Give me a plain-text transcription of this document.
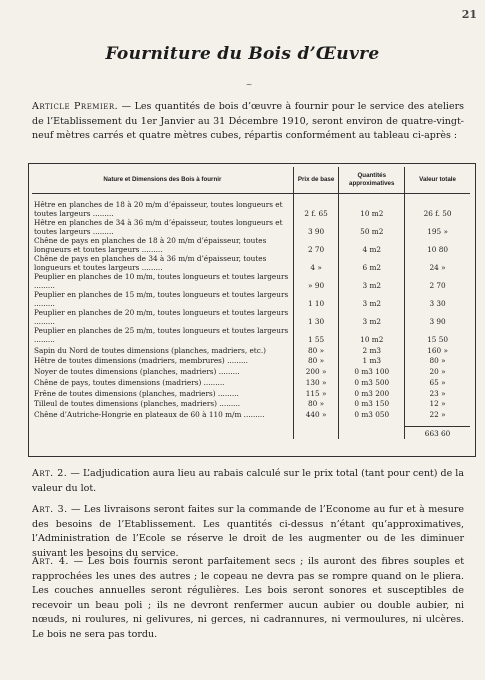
21
Fourniture du Bois d’Œuvre
~
Article Premier. — Les quantités de bois d’œuvre à fournir pour le service des ateliers de l’Etablissement du 1er Janvier au 31 Décembre 1910, seront environ de quatre-vingt-neuf mètres carrés et quatre mètres cubes, répartis conformément au tableau ci-après :
Nature et Dimensions des Bois à fournir	Prix de base	Quantités approximatives	Valeur totale

Hêtre en planches de 18 à 20 m/m d’épaisseur, toutes longueurs et toutes largeurs .........	2 f. 65	10 m2	26 f. 50
Hêtre en planches de 34 à 36 m/m d’épaisseur, toutes longueurs et toutes largeurs .........	3 90	50 m2	195 »
Chêne de pays en planches de 18 à 20 m/m d’épaisseur, toutes longueurs et toutes largeurs .........	2 70	4 m2	10 80
Chêne de pays en planches de 34 à 36 m/m d’épaisseur, toutes longueurs et toutes largeurs .........	4 »	6 m2	24 »
Peuplier en planches de 10 m/m, toutes longueurs et toutes largeurs .........	» 90	3 m2	2 70
Peuplier en planches de 15 m/m, toutes longueurs et toutes largeurs .........	1 10	3 m2	3 30
Peuplier en planches de 20 m/m, toutes longueurs et toutes largeurs .........	1 30	3 m2	3 90
Peuplier en planches de 25 m/m, toutes longueurs et toutes largeurs .........	1 55	10 m2	15 50
Sapin du Nord de toutes dimensions (planches, madriers, etc.)	80 »	2 m3	160 »
Hêtre de toutes dimensions (madriers, membrures) .........	80 »	1 m3	80 »
Noyer de toutes dimensions (planches, madriers) .........	200 »	0 m3 100	20 »
Chêne de pays, toutes dimensions (madriers) .........	130 »	0 m3 500	65 »
Frêne de toutes dimensions (planches, madriers) .........	115 »	0 m3 200	23 »
Tilleul de toutes dimensions (planches, madriers) .........	80 »	0 m3 150	12 »
Chêne d’Autriche-Hongrie en plateaux de 60 à 110 m/m .........	440 »	0 m3 050	22 »

			663 60
Art. 2. — L’adjudication aura lieu au rabais calculé sur le prix total (tant pour cent) de la valeur du lot.
Art. 3. — Les livraisons seront faites sur la commande de l’Econome au fur et à mesure des besoins de l’Etablissement. Les quantités ci-dessus n’étant qu’approximatives, l’Administration de l’Ecole se réserve le droit de les augmenter ou de les diminuer suivant les besoins du service.
Art. 4. — Les bois fournis seront parfaitement secs ; ils auront des fibres souples et rapprochées les unes des autres ; le copeau ne devra pas se rompre quand on le pliera. Les couches annuelles seront régulières. Les bois seront sonores et susceptibles de recevoir un beau poli ; ils ne devront renfermer aucun aubier ou double aubier, ni nœuds, ni roulures, ni gelivures, ni gerces, ni cadrannures, ni vermoulures, ni ulcères. Le bois ne sera pas tordu.
